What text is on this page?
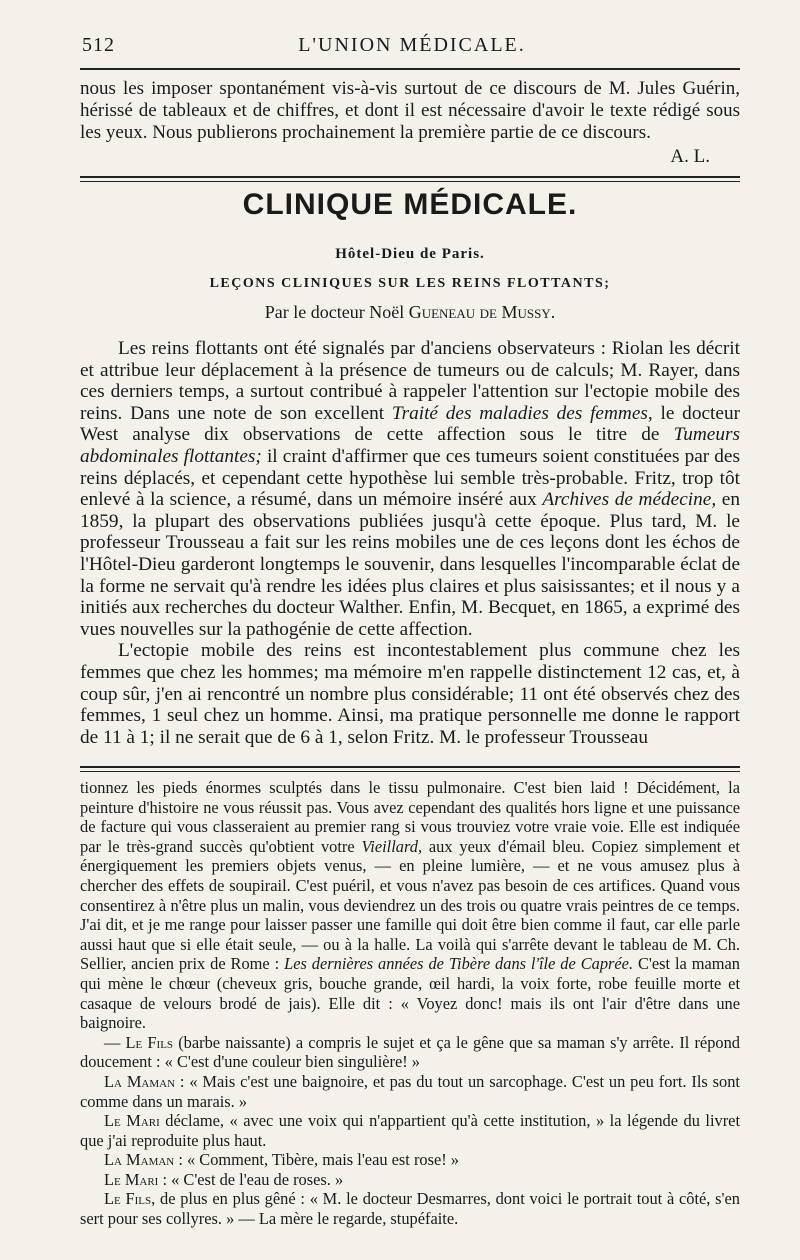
512	L'UNION MÉDICALE.

nous les imposer spontanément vis-à-vis surtout de ce discours de M. Jules Guérin, hérissé de tableaux et de chiffres, et dont il est nécessaire d'avoir le texte rédigé sous les yeux. Nous publierons prochainement la première partie de ce discours.

A. L.
CLINIQUE MÉDICALE.
Hôtel-Dieu de Paris.
LEÇONS CLINIQUES SUR LES REINS FLOTTANTS;
Par le docteur Noël Gueneau de Mussy.

Les reins flottants ont été signalés par d'anciens observateurs : Riolan les décrit et attribue leur déplacement à la présence de tumeurs ou de calculs; M. Rayer, dans ces derniers temps, a surtout contribué à rappeler l'attention sur l'ectopie mobile des reins. Dans une note de son excellent Traité des maladies des femmes, le docteur West analyse dix observations de cette affection sous le titre de Tumeurs abdominales flottantes; il craint d'affirmer que ces tumeurs soient constituées par des reins déplacés, et cependant cette hypothèse lui semble très-probable. Fritz, trop tôt enlevé à la science, a résumé, dans un mémoire inséré aux Archives de médecine, en 1859, la plupart des observations publiées jusqu'à cette époque. Plus tard, M. le professeur Trousseau a fait sur les reins mobiles une de ces leçons dont les échos de l'Hôtel-Dieu garderont longtemps le souvenir, dans lesquelles l'incomparable éclat de la forme ne servait qu'à rendre les idées plus claires et plus saisissantes; et il nous y a initiés aux recherches du docteur Walther. Enfin, M. Becquet, en 1865, a exprimé des vues nouvelles sur la pathogénie de cette affection.

L'ectopie mobile des reins est incontestablement plus commune chez les femmes que chez les hommes; ma mémoire m'en rappelle distinctement 12 cas, et, à coup sûr, j'en ai rencontré un nombre plus considérable; 11 ont été observés chez des femmes, 1 seul chez un homme. Ainsi, ma pratique personnelle me donne le rapport de 11 à 1; il ne serait que de 6 à 1, selon Fritz. M. le professeur Trousseau

tionnez les pieds énormes sculptés dans le tissu pulmonaire. C'est bien laid ! Décidément, la peinture d'histoire ne vous réussit pas. Vous avez cependant des qualités hors ligne et une puissance de facture qui vous classeraient au premier rang si vous trouviez votre vraie voie. Elle est indiquée par le très-grand succès qu'obtient votre Vieillard, aux yeux d'émail bleu. Copiez simplement et énergiquement les premiers objets venus, — en pleine lumière, — et ne vous amusez plus à chercher des effets de soupirail. C'est puéril, et vous n'avez pas besoin de ces artifices. Quand vous consentirez à n'être plus un malin, vous deviendrez un des trois ou quatre vrais peintres de ce temps. J'ai dit, et je me range pour laisser passer une famille qui doit être bien comme il faut, car elle parle aussi haut que si elle était seule, — ou à la halle. La voilà qui s'arrête devant le tableau de M. Ch. Sellier, ancien prix de Rome : Les dernières années de Tibère dans l'île de Caprée. C'est la maman qui mène le chœur (cheveux gris, bouche grande, œil hardi, la voix forte, robe feuille morte et casaque de velours brodé de jais). Elle dit : « Voyez donc! mais ils ont l'air d'être dans une baignoire.

— Le Fils (barbe naissante) a compris le sujet et ça le gêne que sa maman s'y arrête. Il répond doucement : « C'est d'une couleur bien singulière! »

La Maman : « Mais c'est une baignoire, et pas du tout un sarcophage. C'est un peu fort. Ils sont comme dans un marais. »

Le Mari déclame, « avec une voix qui n'appartient qu'à cette institution, » la légende du livret que j'ai reproduite plus haut.

La Maman : « Comment, Tibère, mais l'eau est rose! »

Le Mari : « C'est de l'eau de roses. »

Le Fils, de plus en plus gêné : « M. le docteur Desmarres, dont voici le portrait tout à côté, s'en sert pour ses collyres. » — La mère le regarde, stupéfaite.
